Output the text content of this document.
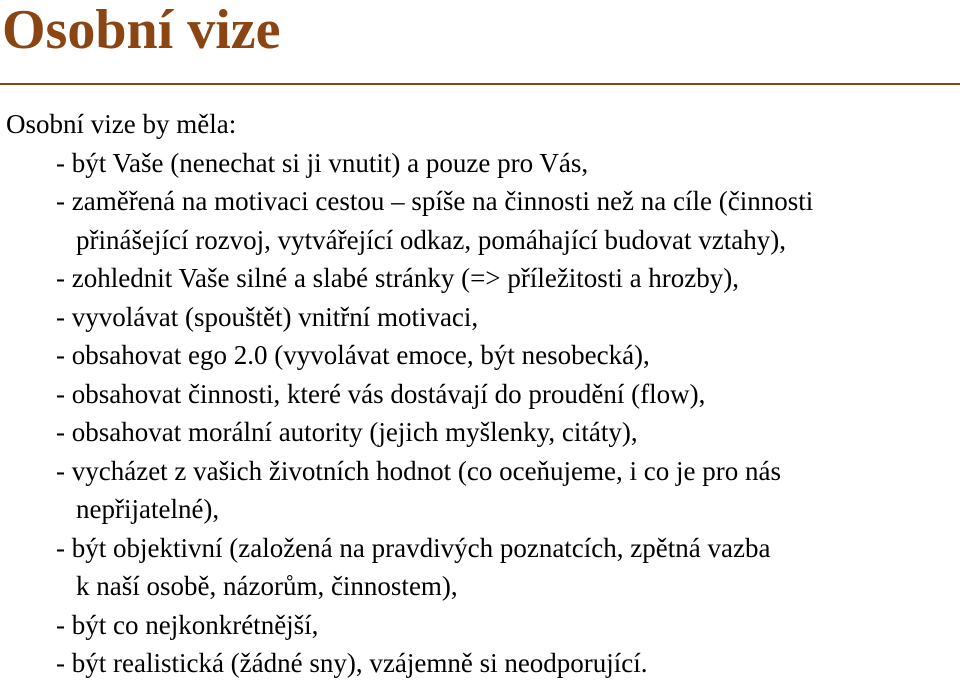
Osobní vize
Osobní vize by měla:
- být Vaše (nenechat si ji vnutit) a pouze pro Vás,
- zaměřená na motivaci cestou – spíše na činnosti než na cíle (činnosti
přinášející rozvoj, vytvářející odkaz, pomáhající budovat vztahy),
- zohlednit Vaše silné a slabé stránky (=> příležitosti a hrozby),
- vyvolávat (spouštět) vnitřní motivaci,
- obsahovat ego 2.0 (vyvolávat emoce, být nesobecká),
- obsahovat činnosti, které vás dostávají do proudění (flow),
- obsahovat morální autority (jejich myšlenky, citáty),
- vycházet z vašich životních hodnot (co oceňujeme, i co je pro nás
nepřijatelné),
- být objektivní (založená na pravdivých poznatcích, zpětná vazba
k naší osobě, názorům, činnostem),
- být co nejkonkrétnější,
- být realistická (žádné sny), vzájemně si neodporující.
